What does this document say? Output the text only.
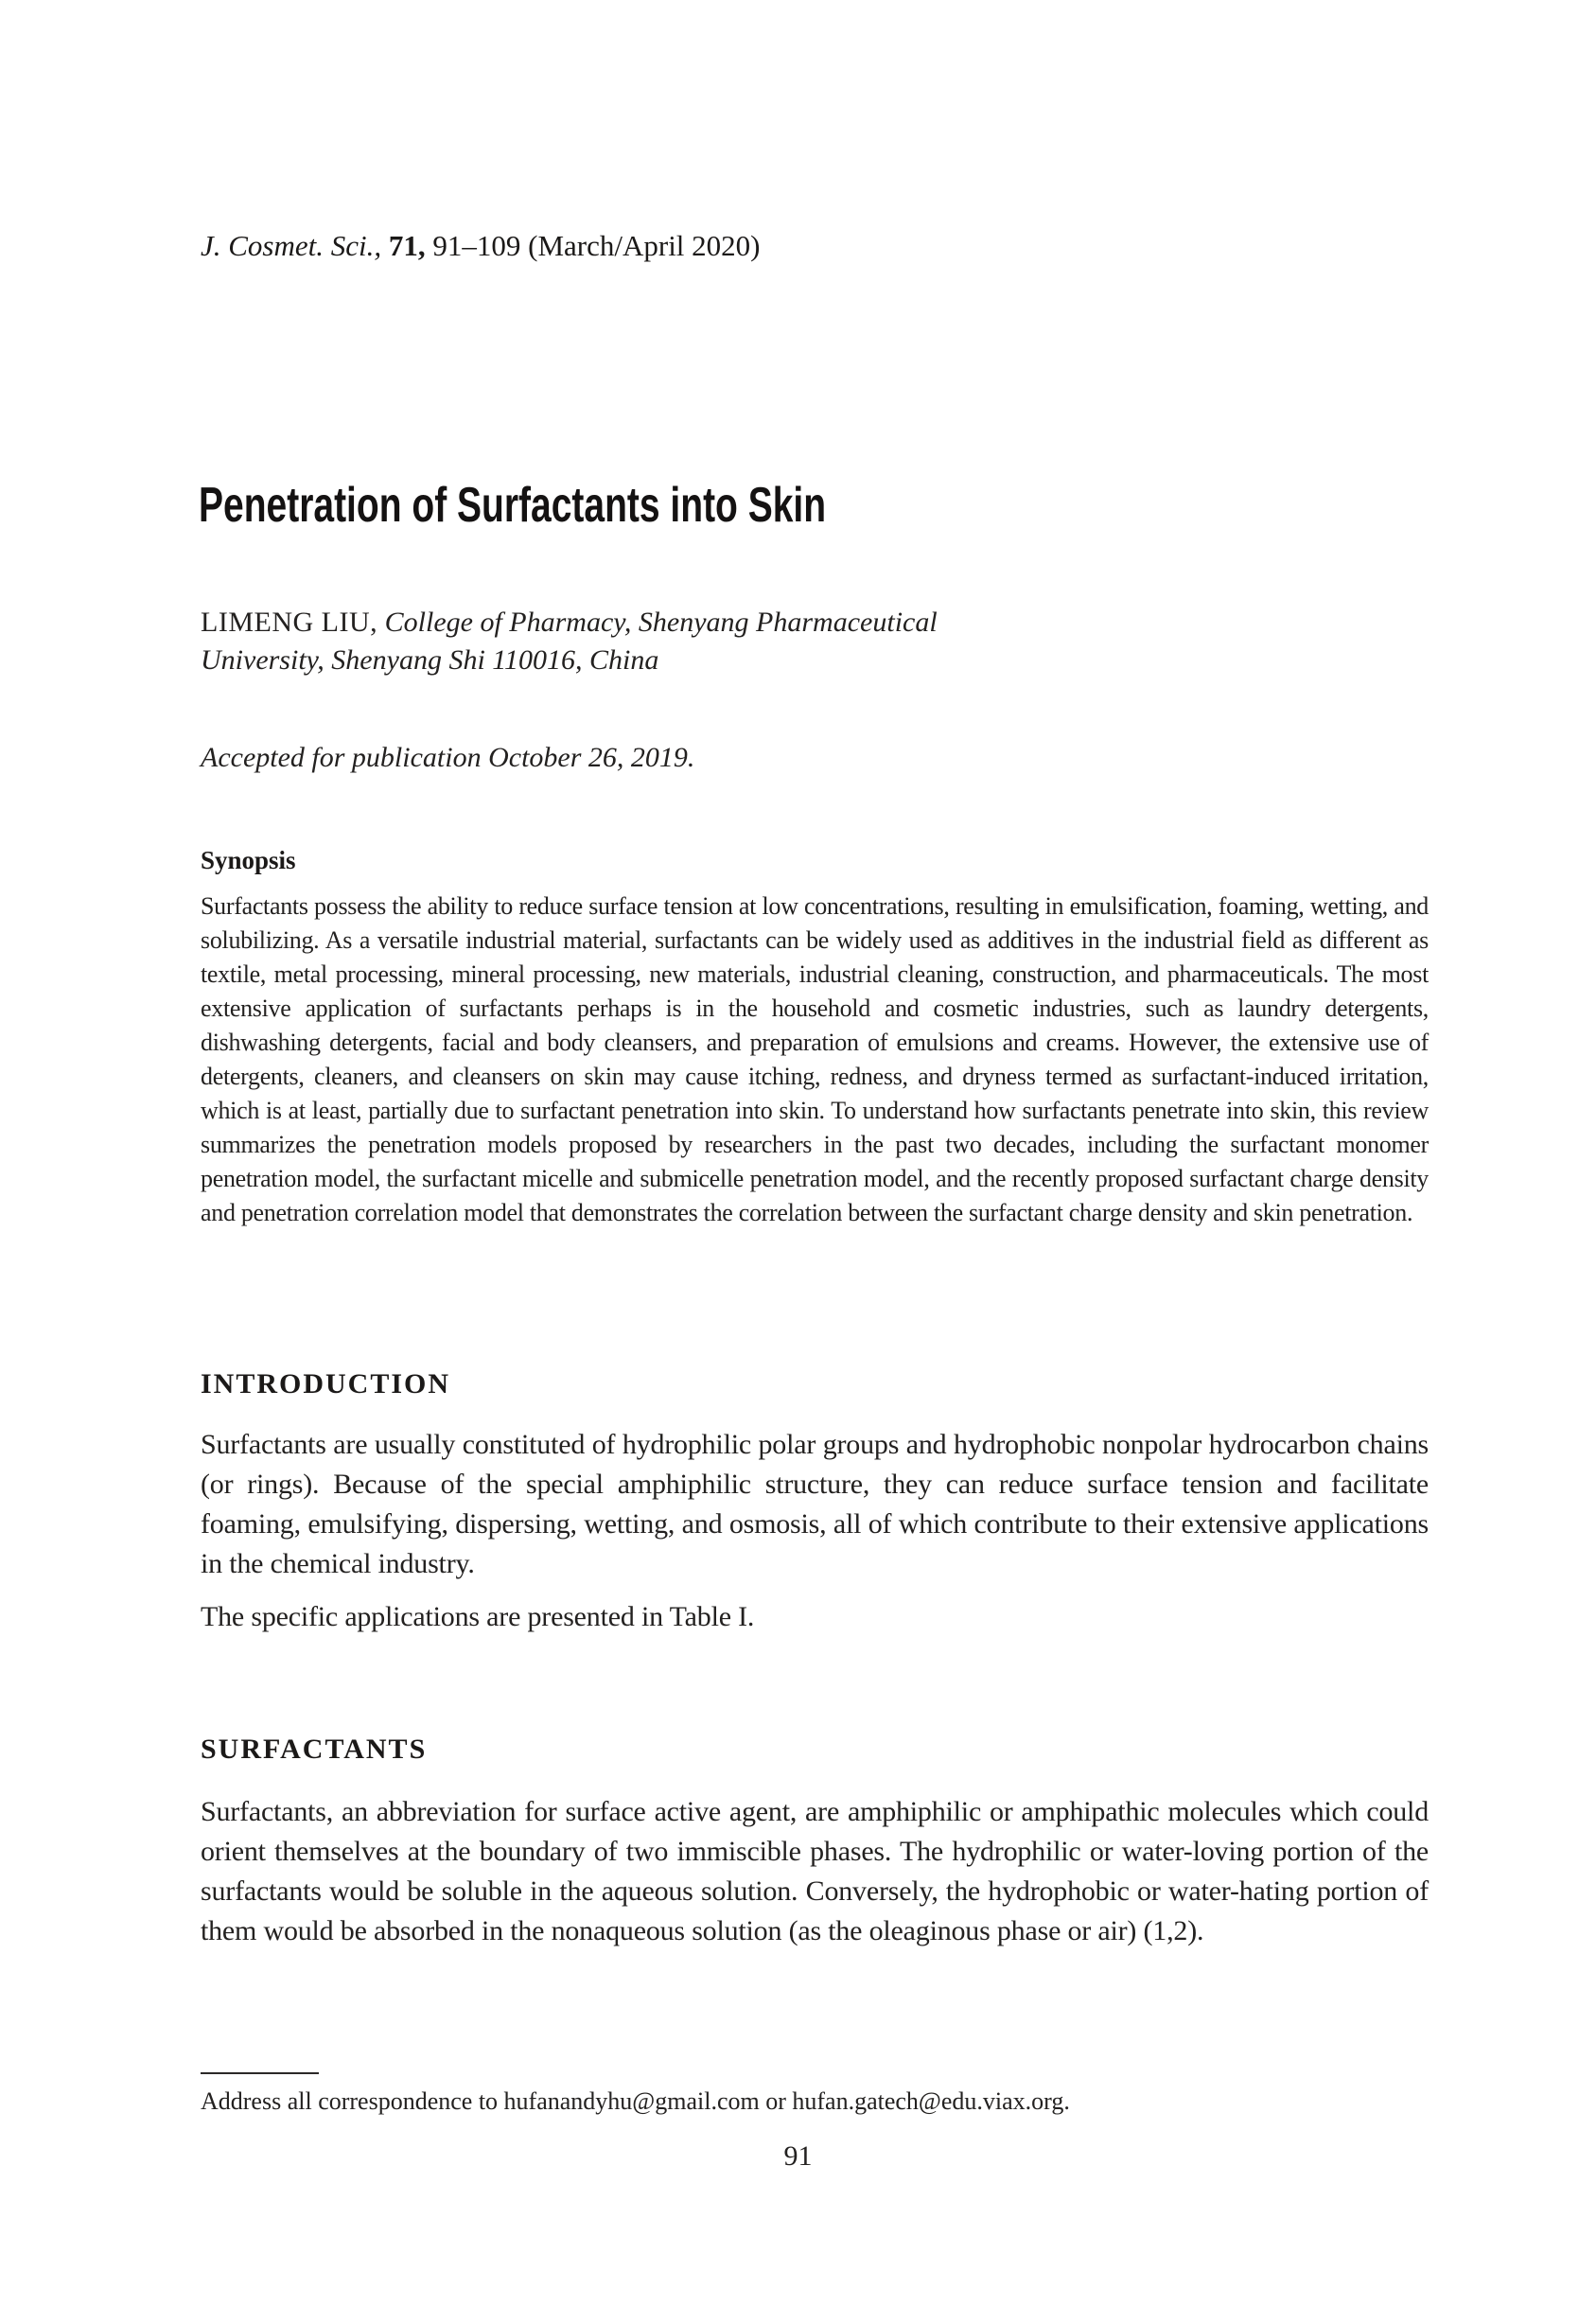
J. Cosmet. Sci., 71, 91–109 (March/April 2020)
Penetration of Surfactants into Skin
LIMENG LIU, College of Pharmacy, Shenyang Pharmaceutical
University, Shenyang Shi 110016, China
Accepted for publication October 26, 2019.
Synopsis
Surfactants possess the ability to reduce surface tension at low concentrations, resulting in emulsification, foaming, wetting, and solubilizing. As a versatile industrial material, surfactants can be widely used as additives in the industrial field as different as textile, metal processing, mineral processing, new materials, industrial cleaning, construction, and pharmaceuticals. The most extensive application of surfactants perhaps is in the household and cosmetic industries, such as laundry detergents, dishwashing detergents, facial and body cleansers, and preparation of emulsions and creams. However, the extensive use of detergents, cleaners, and cleansers on skin may cause itching, redness, and dryness termed as surfactant-induced irritation, which is at least, partially due to surfactant penetration into skin. To understand how surfactants penetrate into skin, this review summarizes the penetration models proposed by researchers in the past two decades, including the surfactant monomer penetration model, the surfactant micelle and submicelle penetration model, and the recently proposed surfactant charge density and penetration correlation model that demonstrates the correlation between the surfactant charge density and skin penetration.
INTRODUCTION
Surfactants are usually constituted of hydrophilic polar groups and hydrophobic nonpolar hydrocarbon chains (or rings). Because of the special amphiphilic structure, they can reduce surface tension and facilitate foaming, emulsifying, dispersing, wetting, and osmosis, all of which contribute to their extensive applications in the chemical industry.
The specific applications are presented in Table I.
SURFACTANTS
Surfactants, an abbreviation for surface active agent, are amphiphilic or amphipathic molecules which could orient themselves at the boundary of two immiscible phases. The hydrophilic or water-loving portion of the surfactants would be soluble in the aqueous solution. Conversely, the hydrophobic or water-hating portion of them would be absorbed in the nonaqueous solution (as the oleaginous phase or air) (1,2).
Address all correspondence to hufanandyhu@gmail.com or hufan.gatech@edu.viax.org.
91
